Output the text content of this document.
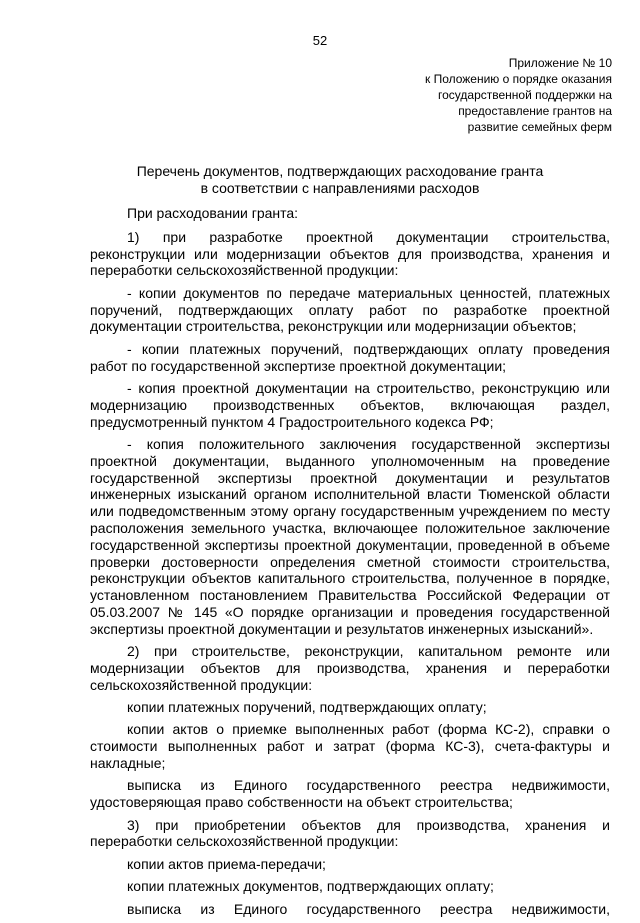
52
Приложение № 10
к Положению о порядке оказания
государственной поддержки на
предоставление грантов на
развитие семейных ферм
Перечень документов, подтверждающих расходование гранта
в соответствии с направлениями расходов

При расходовании гранта:

1) при разработке проектной документации строительства, реконструкции или модернизации объектов для производства, хранения и переработки сельскохозяйственной продукции:

- копии документов по передаче материальных ценностей, платежных поручений, подтверждающих оплату работ по разработке проектной документации строительства, реконструкции или модернизации объектов;

- копии платежных поручений, подтверждающих оплату проведения работ по государственной экспертизе проектной документации;

- копия проектной документации на строительство, реконструкцию или модернизацию производственных объектов, включающая раздел, предусмотренный пунктом 4 Градостроительного кодекса РФ;

- копия положительного заключения государственной экспертизы проектной документации, выданного уполномоченным на проведение государственной экспертизы проектной документации и результатов инженерных изысканий органом исполнительной власти Тюменской области или подведомственным этому органу государственным учреждением по месту расположения земельного участка, включающее положительное заключение государственной экспертизы проектной документации, проведенной в объеме проверки достоверности определения сметной стоимости строительства, реконструкции объектов капитального строительства, полученное в порядке, установленном постановлением Правительства Российской Федерации от 05.03.2007 № 145 «О порядке организации и проведения государственной экспертизы проектной документации и результатов инженерных изысканий».

2) при строительстве, реконструкции, капитальном ремонте или модернизации объектов для производства, хранения и переработки сельскохозяйственной продукции:

копии платежных поручений, подтверждающих оплату;

копии актов о приемке выполненных работ (форма КС-2), справки о стоимости выполненных работ и затрат (форма КС-3), счета-фактуры и накладные;

выписка из Единого государственного реестра недвижимости, удостоверяющая право собственности на объект строительства;

3) при приобретении объектов для производства, хранения и переработки сельскохозяйственной продукции:

копии актов приема-передачи;

копии платежных документов, подтверждающих оплату;

выписка из Единого государственного реестра недвижимости,
